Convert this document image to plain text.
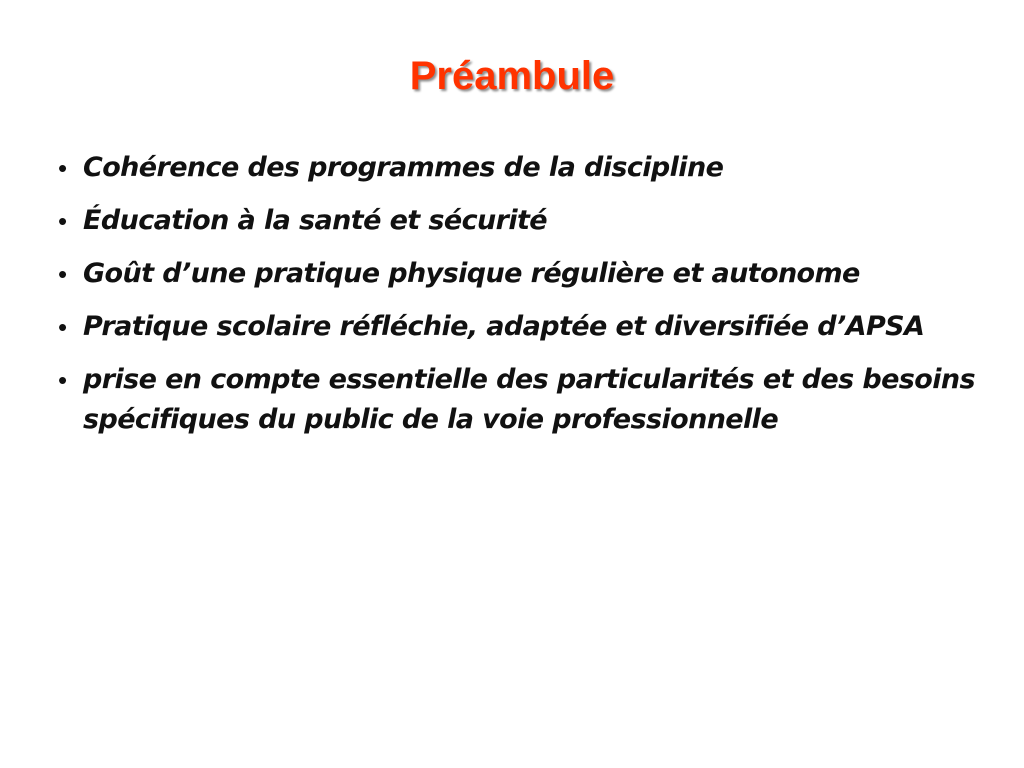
Préambule
• Cohérence des programmes de la discipline
• Éducation à la santé et sécurité
• Goût d’une pratique physique régulière et autonome
• Pratique scolaire réfléchie, adaptée et diversifiée d’APSA
• prise en compte essentielle des particularités et des besoins spécifiques du public de la voie professionnelle
